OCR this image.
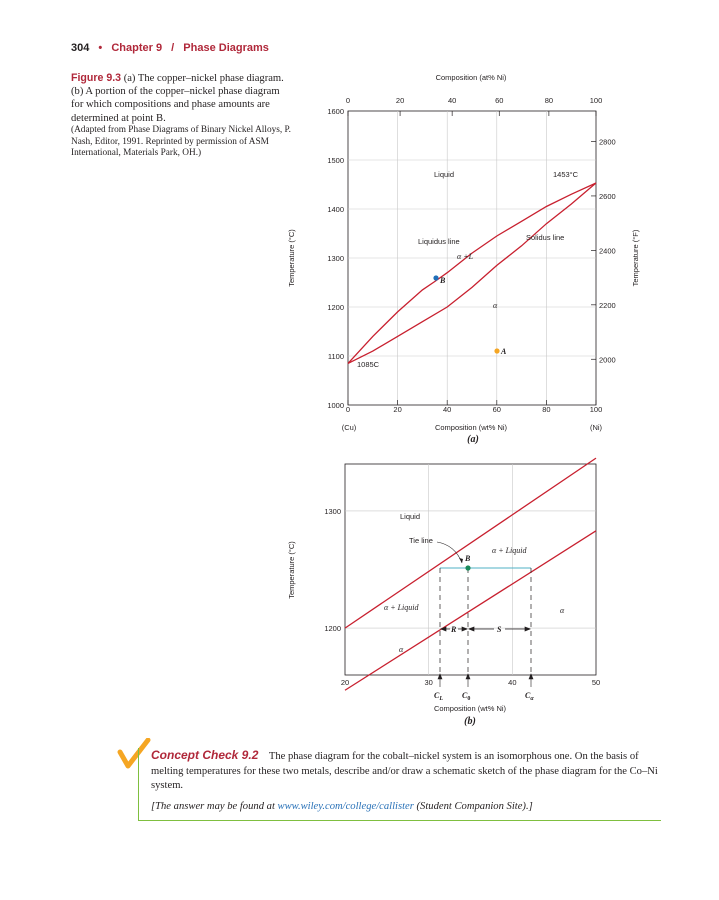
304 • Chapter 9 / Phase Diagrams
Figure 9.3 (a) The copper–nickel phase diagram. (b) A portion of the copper–nickel phase diagram for which compositions and phase amounts are determined at point B.
(Adapted from Phase Diagrams of Binary Nickel Alloys, P. Nash, Editor, 1991. Reprinted by permission of ASM International, Materials Park, OH.)
Composition (at% Ni)
0	20	40	60	80	100
0	20	40	60	80	100
1600
1500
1400
1300
1200
1100
1000
2800
2600
2400
2200
2000
Liquid	1453°C
Liquidus line	Solidus line
α +L
α
1085C
B
A
Composition (wt% Ni)
(Cu)	(Ni)
(a)
Temperature (°C)	Temperature (°F)
20	30	40	50
1300
1200
B
R	S
Liquid
Tie line
α + Liquid
α + Liquid	α
α
$C_L$ $C_0$	$C_\alpha$
Composition (wt% Ni)
(b)
Temperature (°C)
Concept Check 9.2 The phase diagram for the cobalt–nickel system is an isomorphous one. On the basis of melting temperatures for these two metals, describe and/or draw a schematic sketch of the phase diagram for the Co–Ni system.
[The answer may be found at www.wiley.com/college/callister (Student Companion Site).]
